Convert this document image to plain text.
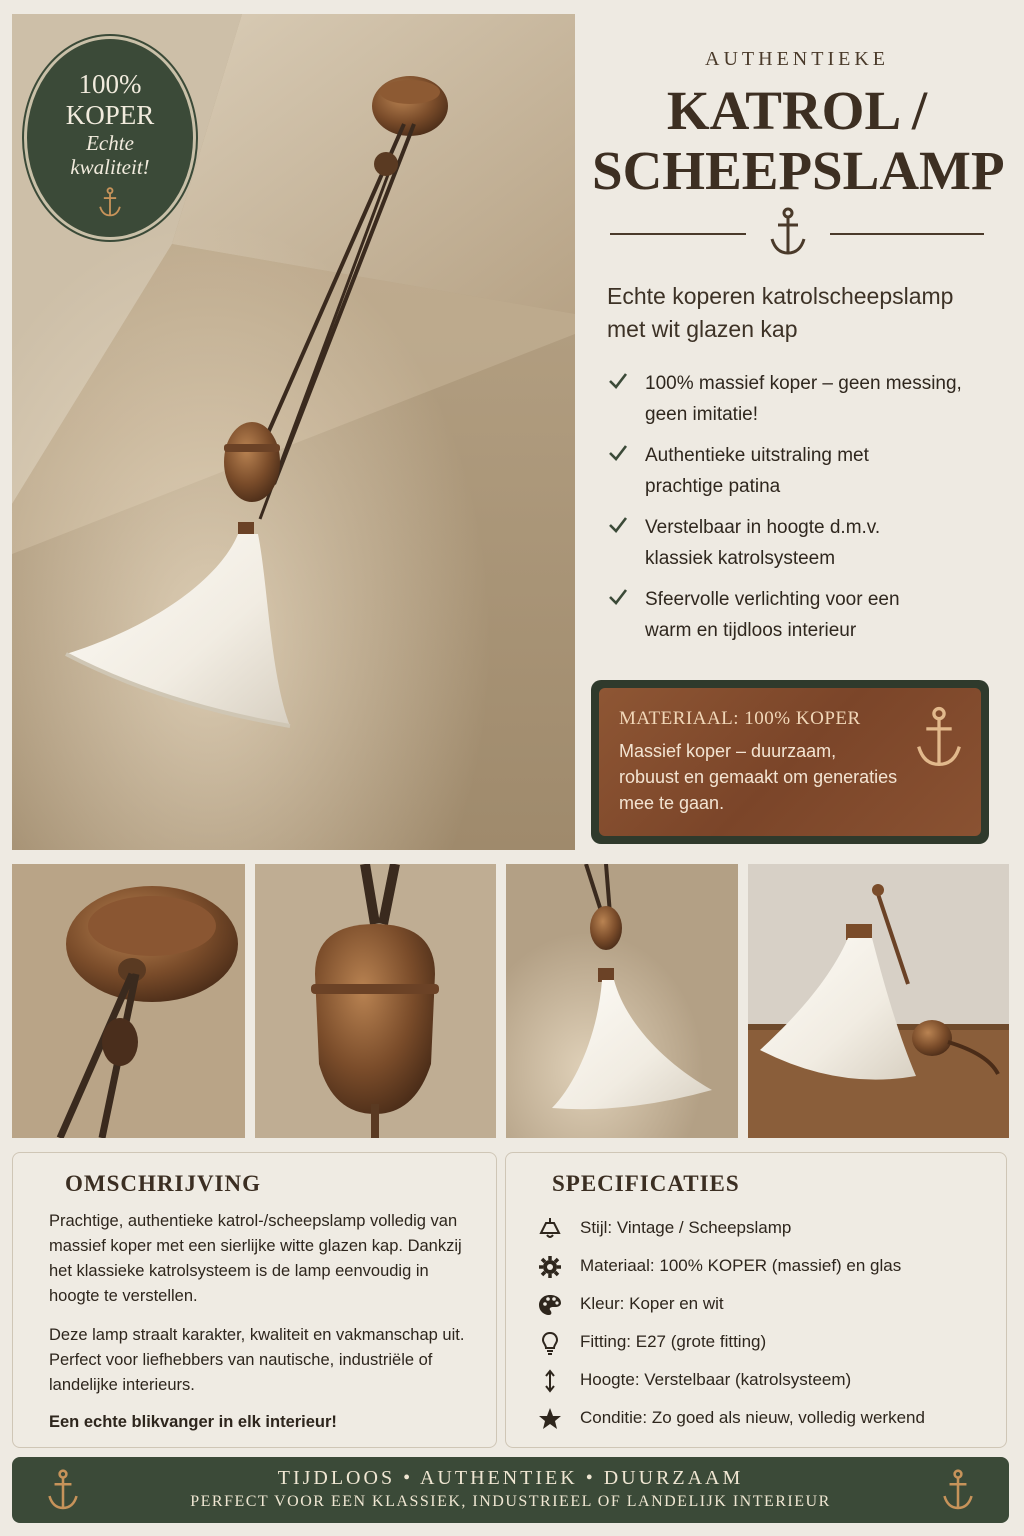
100%
KOPER
Echte
kwaliteit!
AUTHENTIEKE
KATROL /
SCHEEPSLAMP
Echte koperen katrolscheepslamp
met wit glazen kap
100% massief koper – geen messing,
geen imitatie!
Authentieke uitstraling met
prachtige patina
Verstelbaar in hoogte d.m.v.
klassiek katrolsysteem
Sfeervolle verlichting voor een
warm en tijdloos interieur
MATERIAAL: 100% KOPER
Massief koper – duurzaam,
robuust en gemaakt om generaties
mee te gaan.
OMSCHRIJVING

Prachtige, authentieke katrol-/scheepslamp volledig van massief koper met een sierlijke witte glazen kap. Dankzij het klassieke katrolsysteem is de lamp eenvoudig in hoogte te verstellen.

Deze lamp straalt karakter, kwaliteit en vakmanschap uit. Perfect voor liefhebbers van nautische, industriële of landelijke interieurs.

Een echte blikvanger in elk interieur!

SPECIFICATIES
Stijl: Vintage / Scheepslamp
Materiaal: 100% KOPER (massief) en glas
Kleur: Koper en wit
Fitting: E27 (grote fitting)
Hoogte: Verstelbaar (katrolsysteem)
Conditie: Zo goed als nieuw, volledig werkend
TIJDLOOS • AUTHENTIEK • DUURZAAM
PERFECT VOOR EEN KLASSIEK, INDUSTRIEEL OF LANDELIJK INTERIEUR
